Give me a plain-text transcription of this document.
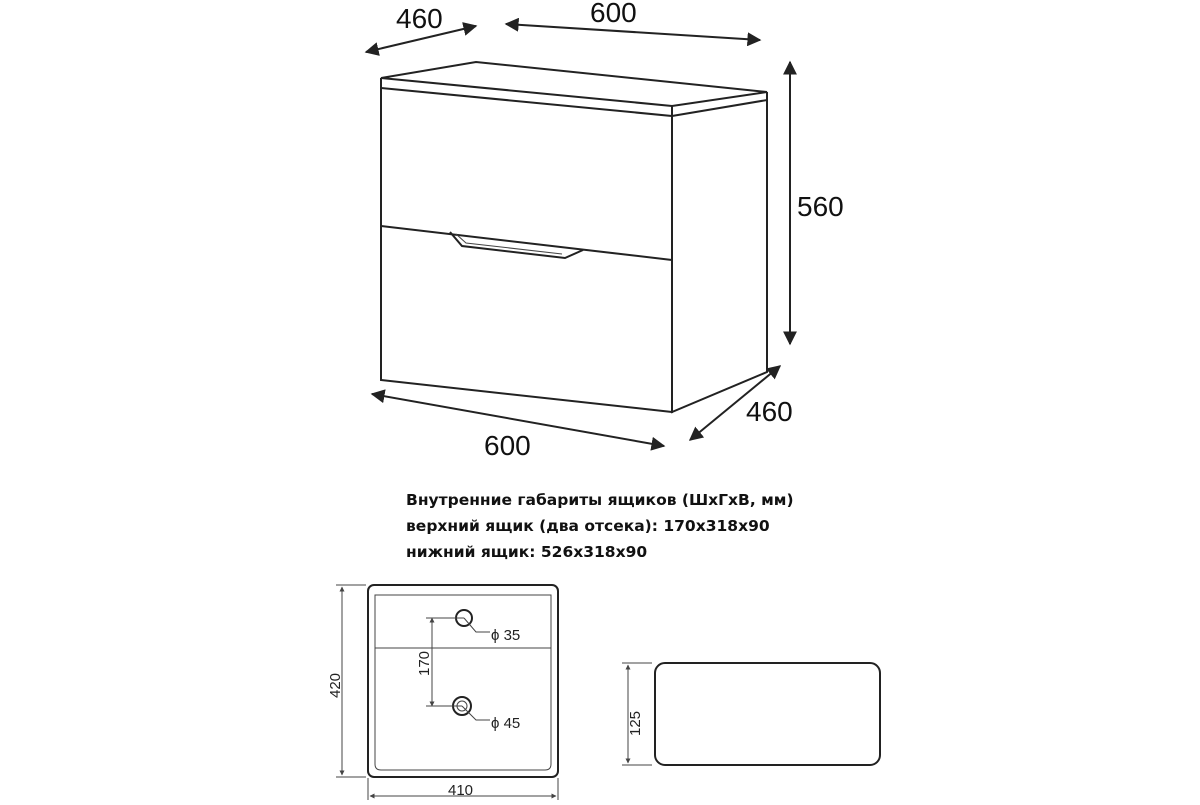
460	600
560
460
600
ϕ 35
ϕ 45
170
420
410
125
Внутренние габариты ящиков (ШхГхВ, мм)
верхний ящик (два отсека): 170х318х90
нижний ящик: 526х318х90
